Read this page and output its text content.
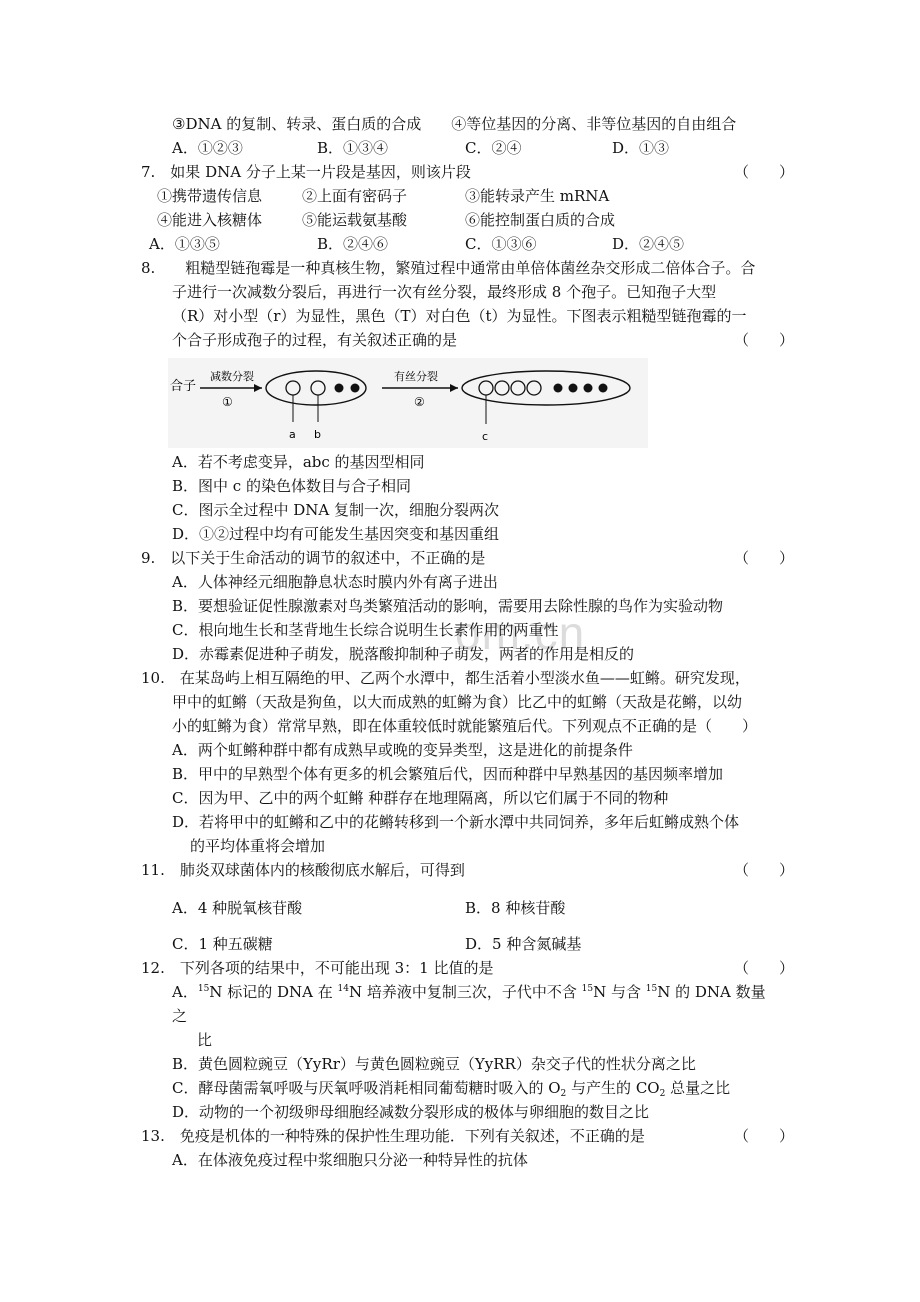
om.cn
③DNA 的复制、转录、蛋白质的合成　　④等位基因的分离、非等位基因的自由组合
A．①②③	B．①③④	C．②④	D．①③
7.　如果 DNA 分子上某一片段是基因，则该片段	（　　）
①携带遗传信息	②上面有密码子	③能转录产生 mRNA
④能进入核糖体	⑤能运载氨基酸	⑥能控制蛋白质的合成
A．①③⑤	B．②④⑥	C．①③⑥	D．②④⑤
8.　　粗糙型链孢霉是一种真核生物，繁殖过程中通常由单倍体菌丝杂交形成二倍体合子。合
子进行一次减数分裂后，再进行一次有丝分裂，最终形成 8 个孢子。已知孢子大型
（R）对小型（r）为显性，黑色（T）对白色（t）为显性。下图表示粗糙型链孢霉的一
个合子形成孢子的过程，有关叙述正确的是	（　　）
合子
减数分裂
①
a b
有丝分裂
②
c
A．若不考虑变异，abc 的基因型相同
B．图中 c 的染色体数目与合子相同
C．图示全过程中 DNA 复制一次，细胞分裂两次
D．①②过程中均有可能发生基因突变和基因重组
9.　以下关于生命活动的调节的叙述中，不正确的是	（　　）
A．人体神经元细胞静息状态时膜内外有离子进出
B．要想验证促性腺激素对鸟类繁殖活动的影响，需要用去除性腺的鸟作为实验动物
C．根向地生长和茎背地生长综合说明生长素作用的两重性
D．赤霉素促进种子萌发，脱落酸抑制种子萌发，两者的作用是相反的
10.　在某岛屿上相互隔绝的甲、乙两个水潭中，都生活着小型淡水鱼——虹鳉。研究发现，
甲中的虹鳉（天敌是狗鱼，以大而成熟的虹鳉为食）比乙中的虹鳉（天敌是花鳉，以幼
小的虹鳉为食）常常早熟，即在体重较低时就能繁殖后代。下列观点不正确的是（　　）
A．两个虹鳉种群中都有成熟早或晚的变异类型，这是进化的前提条件
B．甲中的早熟型个体有更多的机会繁殖后代，因而种群中早熟基因的基因频率增加
C．因为甲、乙中的两个虹鳉 种群存在地理隔离，所以它们属于不同的物种
D．若将甲中的虹鳉和乙中的花鳉转移到一个新水潭中共同饲养，多年后虹鳉成熟个体
的平均体重将会增加
11.　肺炎双球菌体内的核酸彻底水解后，可得到	（　　）
A．4 种脱氧核苷酸	B．8 种核苷酸
C．1 种五碳糖	D．5 种含氮碱基
12.　下列各项的结果中，不可能出现 3：1 比值的是	（　　）
A．$^{15}$N 标记的 DNA 在 $^{14}$N 培养液中复制三次，子代中不含 $^{15}$N 与含 $^{15}$N 的 DNA 数量
之
比
B．黄色圆粒豌豆（YyRr）与黄色圆粒豌豆（YyRR）杂交子代的性状分离之比
C．酵母菌需氧呼吸与厌氧呼吸消耗相同葡萄糖时吸入的 $O_2$ 与产生的 $CO_2$ 总量之比
D．动物的一个初级卵母细胞经减数分裂形成的极体与卵细胞的数目之比
13.　免疫是机体的一种特殊的保护性生理功能．下列有关叙述，不正确的是	（　　）
A．在体液免疫过程中浆细胞只分泌一种特异性的抗体
